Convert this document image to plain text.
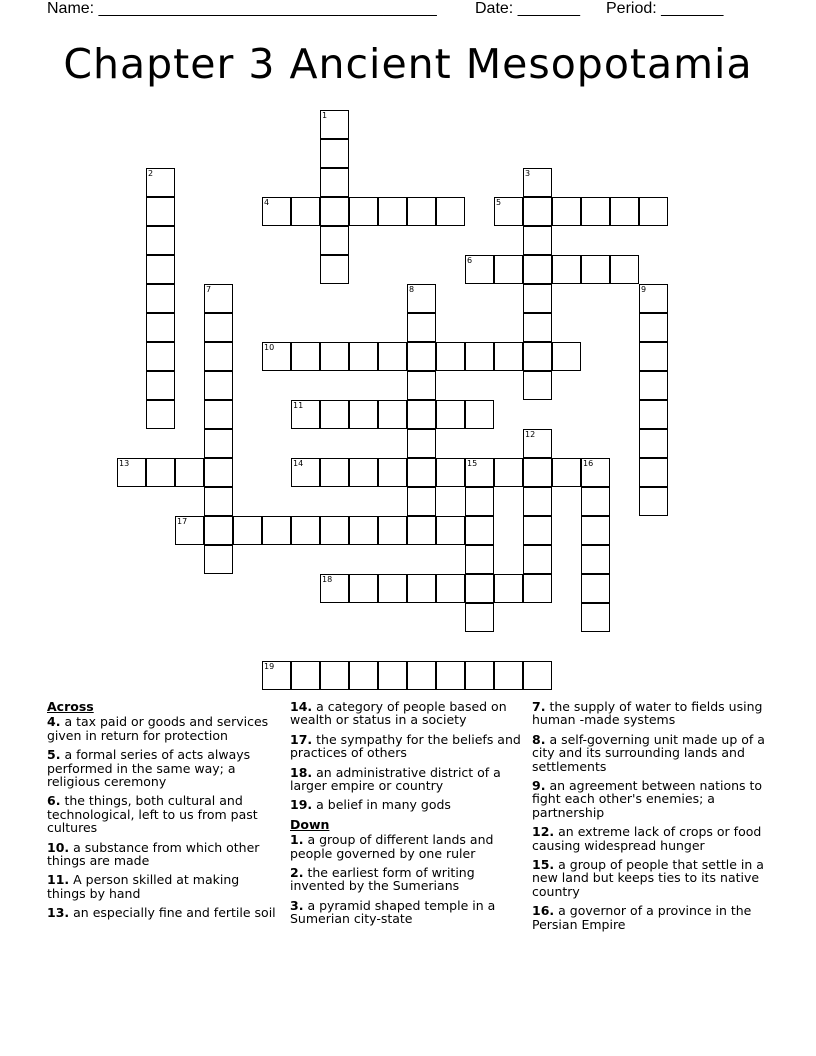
Name: ______________________________________ Date: _______ Period: _______
Chapter 3 Ancient Mesopotamia
1
2	3
4	5
6
7	8	9
10
11
12
13	14	15	16
17
18
19
Across
4. a tax paid or goods and services given in return for protection
5. a formal series of acts always performed in the same way; a religious ceremony
6. the things, both cultural and technological, left to us from past cultures
10. a substance from which other things are made
11. A person skilled at making things by hand
13. an especially fine and fertile soil
14. a category of people based on wealth or status in a society
17. the sympathy for the beliefs and practices of others
18. an administrative district of a larger empire or country
19. a belief in many gods
Down
1. a group of different lands and people governed by one ruler
2. the earliest form of writing invented by the Sumerians
3. a pyramid shaped temple in a Sumerian city-state
7. the supply of water to fields using human -made systems
8. a self-governing unit made up of a city and its surrounding lands and settlements
9. an agreement between nations to fight each other's enemies; a partnership
12. an extreme lack of crops or food causing widespread hunger
15. a group of people that settle in a new land but keeps ties to its native country
16. a governor of a province in the Persian Empire
